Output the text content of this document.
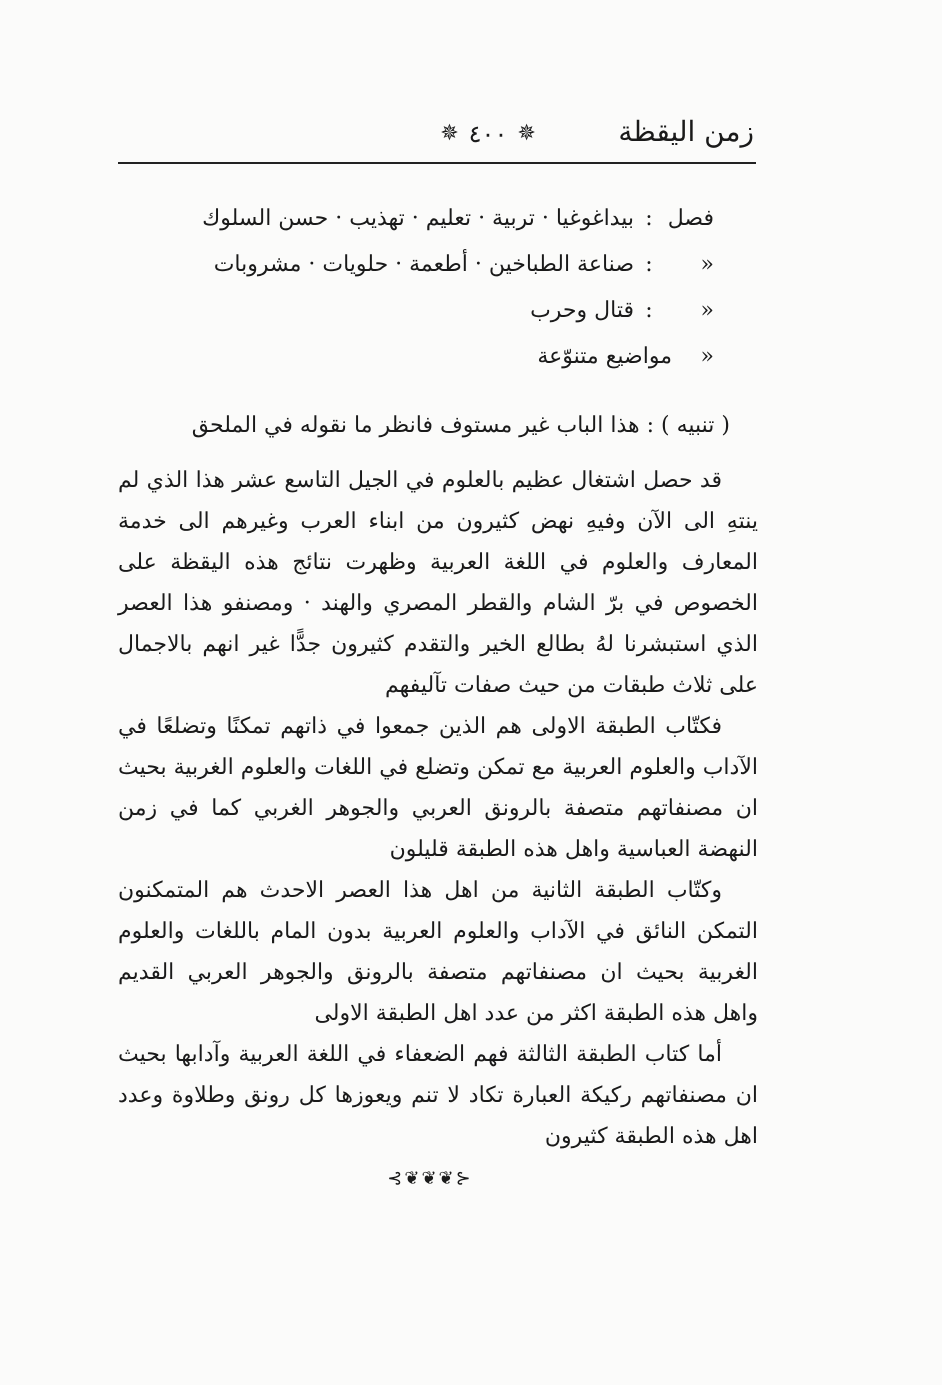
زمن اليقظة
✵ ٤٠٠ ✵
فصل
:
بيداغوغيا · تربية · تعليم · تهذيب · حسن السلوك
«
:
صناعة الطباخين · أطعمة · حلويات · مشروبات
«
:
قتال وحرب
«
مواضيع متنوّعة
( تنبيه ) : هذا الباب غير مستوف فانظر ما نقوله في الملحق

قد حصل اشتغال عظيم بالعلوم في الجيل التاسع عشر هذا الذي لم ينتهِ الى الآن وفيهِ نهض كثيرون من ابناء العرب وغيرهم الى خدمة المعارف والعلوم في اللغة العربية وظهرت نتائج هذه اليقظة على الخصوص في برّ الشام والقطر المصري والهند · ومصنفو هذا العصر الذي استبشرنا لهُ بطالع الخير والتقدم كثيرون جدًّا غير انهم بالاجمال على ثلاث طبقات من حيث صفات تآليفهم

فكتّاب الطبقة الاولى هم الذين جمعوا في ذاتهم تمكنًا وتضلعًا في الآداب والعلوم العربية مع تمكن وتضلع في اللغات والعلوم الغربية بحيث ان مصنفاتهم متصفة بالرونق العربي والجوهر الغربي كما في زمن النهضة العباسية واهل هذه الطبقة قليلون

وكتّاب الطبقة الثانية من اهل هذا العصر الاحدث هم المتمكنون التمكن النائق في الآداب والعلوم العربية بدون المام باللغات والعلوم الغربية بحيث ان مصنفاتهم متصفة بالرونق والجوهر العربي القديم واهل هذه الطبقة اكثر من عدد اهل الطبقة الاولى

أما كتاب الطبقة الثالثة فهم الضعفاء في اللغة العربية وآدابها بحيث ان مصنفاتهم ركيكة العبارة تكاد لا تنم ويعوزها كل رونق وطلاوة وعدد اهل هذه الطبقة كثيرون

⊰❦❦❦⊱
